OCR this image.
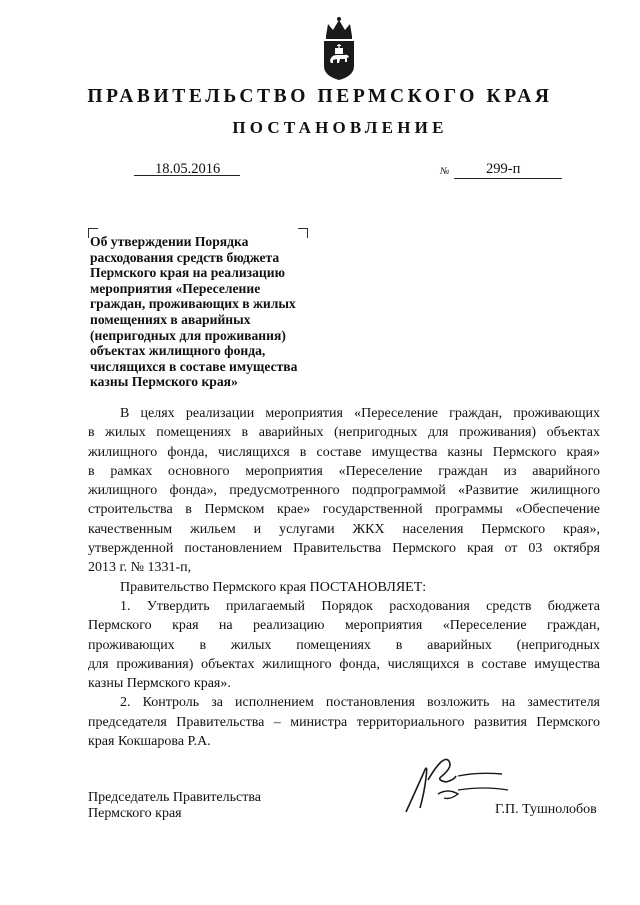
ПРАВИТЕЛЬСТВО ПЕРМСКОГО КРАЯ
ПОСТАНОВЛЕНИЕ
18.05.2016	№	299-п
Об утверждении Порядка
расходования средств бюджета
Пермского края на реализацию
мероприятия «Переселение
граждан, проживающих в жилых
помещениях в аварийных
(непригодных для проживания)
объектах жилищного фонда,
числящихся в составе имущества
казны Пермского края»
В целях реализации мероприятия «Переселение граждан, проживающих
в жилых помещениях в аварийных (непригодных для проживания) объектах
жилищного фонда, числящихся в составе имущества казны Пермского края»
в рамках основного мероприятия «Переселение граждан из аварийного
жилищного фонда», предусмотренного подпрограммой «Развитие жилищного
строительства в Пермском крае» государственной программы «Обеспечение
качественным жильем и услугами ЖКХ населения Пермского края»,
утвержденной постановлением Правительства Пермского края от 03 октября
2013 г. № 1331-п,
Правительство Пермского края ПОСТАНОВЛЯЕТ:
1. Утвердить прилагаемый Порядок расходования средств бюджета
Пермского края на реализацию мероприятия «Переселение граждан,
проживающих в жилых помещениях в аварийных (непригодных
для проживания) объектах жилищного фонда, числящихся в составе имущества
казны Пермского края».
2. Контроль за исполнением постановления возложить на заместителя
председателя Правительства – министра территориального развития Пермского
края Кокшарова Р.А.
Председатель Правительства
Пермского края	Г.П. Тушнолобов
